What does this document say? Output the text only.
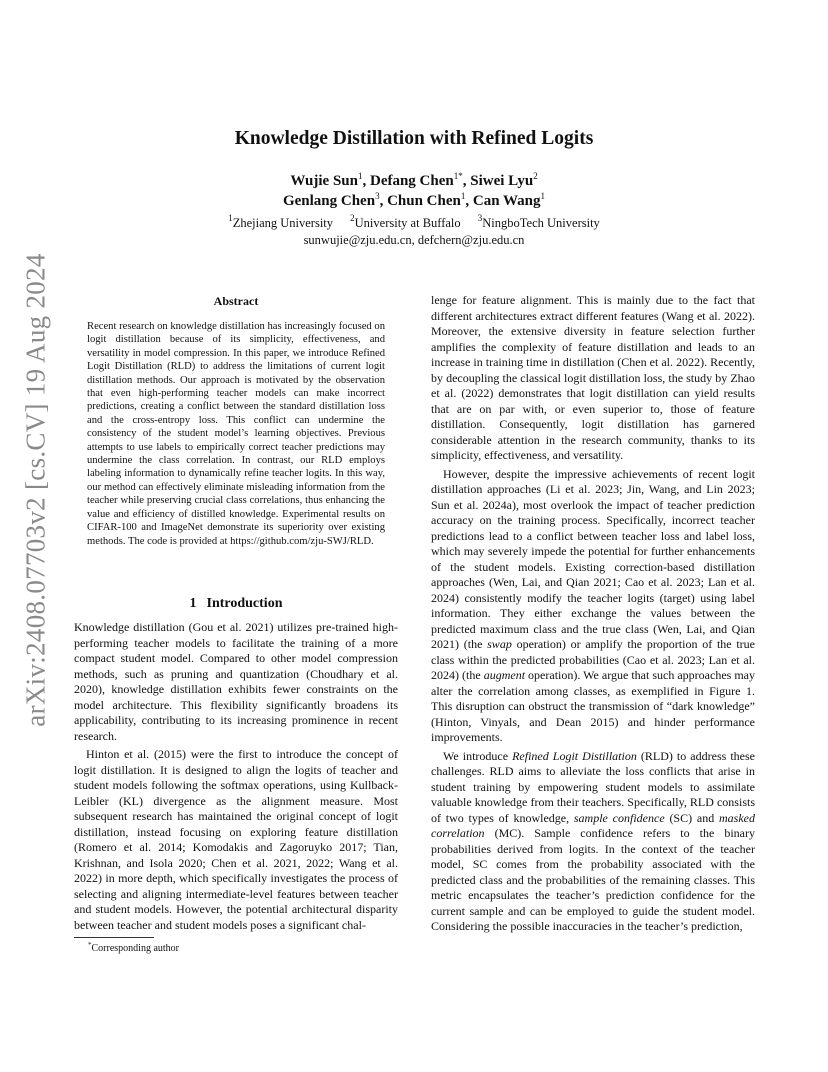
arXiv:2408.07703v2 [cs.CV] 19 Aug 2024
Knowledge Distillation with Refined Logits
Wujie Sun$^1$, Defang Chen$^{1*}$, Siwei Lyu$^2$
Genlang Chen$^3$, Chun Chen$^1$, Can Wang$^1$
$^1$Zhejiang University $^2$University at Buffalo $^3$NingboTech University
sunwujie@zju.edu.cn, defchern@zju.edu.cn
Abstract
Recent research on knowledge distillation has increasingly focused on logit distillation because of its simplicity, effectiveness, and versatility in model compression. In this paper, we introduce Refined Logit Distillation (RLD) to address the limitations of current logit distillation methods. Our approach is motivated by the observation that even high-performing teacher models can make incorrect predictions, creating a conflict between the standard distillation loss and the cross-entropy loss. This conflict can undermine the consistency of the student model’s learning objectives. Previous attempts to use labels to empirically correct teacher predictions may undermine the class correlation. In contrast, our RLD employs labeling information to dynamically refine teacher logits. In this way, our method can effectively eliminate misleading information from the teacher while preserving crucial class correlations, thus enhancing the value and efficiency of distilled knowledge. Experimental results on CIFAR-100 and ImageNet demonstrate its superiority over existing methods. The code is provided at https://github.com/zju-SWJ/RLD.
1 Introduction

Knowledge distillation (Gou et al. 2021) utilizes pre-trained high-performing teacher models to facilitate the training of a more compact student model. Compared to other model compression methods, such as pruning and quantization (Choudhary et al. 2020), knowledge distillation exhibits fewer constraints on the model architecture. This flexibility significantly broadens its applicability, contributing to its increasing prominence in recent research.

Hinton et al. (2015) were the first to introduce the concept of logit distillation. It is designed to align the logits of teacher and student models following the softmax operations, using Kullback-Leibler (KL) divergence as the alignment measure. Most subsequent research has maintained the original concept of logit distillation, instead focusing on exploring feature distillation (Romero et al. 2014; Komodakis and Zagoruyko 2017; Tian, Krishnan, and Isola 2020; Chen et al. 2021, 2022; Wang et al. 2022) in more depth, which specifically investigates the process of selecting and aligning intermediate-level features between teacher and student models. However, the potential architectural disparity between teacher and student models poses a significant chal-

lenge for feature alignment. This is mainly due to the fact that different architectures extract different features (Wang et al. 2022). Moreover, the extensive diversity in feature selection further amplifies the complexity of feature distillation and leads to an increase in training time in distillation (Chen et al. 2022). Recently, by decoupling the classical logit distillation loss, the study by Zhao et al. (2022) demonstrates that logit distillation can yield results that are on par with, or even superior to, those of feature distillation. Consequently, logit distillation has garnered considerable attention in the research community, thanks to its simplicity, effectiveness, and versatility.

However, despite the impressive achievements of recent logit distillation approaches (Li et al. 2023; Jin, Wang, and Lin 2023; Sun et al. 2024a), most overlook the impact of teacher prediction accuracy on the training process. Specifically, incorrect teacher predictions lead to a conflict between teacher loss and label loss, which may severely impede the potential for further enhancements of the student models. Existing correction-based distillation approaches (Wen, Lai, and Qian 2021; Cao et al. 2023; Lan et al. 2024) consistently modify the teacher logits (target) using label information. They either exchange the values between the predicted maximum class and the true class (Wen, Lai, and Qian 2021) (the swap operation) or amplify the proportion of the true class within the predicted probabilities (Cao et al. 2023; Lan et al. 2024) (the augment operation). We argue that such approaches may alter the correlation among classes, as exemplified in Figure 1. This disruption can obstruct the transmission of “dark knowledge” (Hinton, Vinyals, and Dean 2015) and hinder performance improvements.

We introduce Refined Logit Distillation (RLD) to address these challenges. RLD aims to alleviate the loss conflicts that arise in student training by empowering student models to assimilate valuable knowledge from their teachers. Specifically, RLD consists of two types of knowledge, sample confidence (SC) and masked correlation (MC). Sample confidence refers to the binary probabilities derived from logits. In the context of the teacher model, SC comes from the probability associated with the predicted class and the probabilities of the remaining classes. This metric encapsulates the teacher’s prediction confidence for the current sample and can be employed to guide the student model. Considering the possible inaccuracies in the teacher’s prediction,

*Corresponding author
